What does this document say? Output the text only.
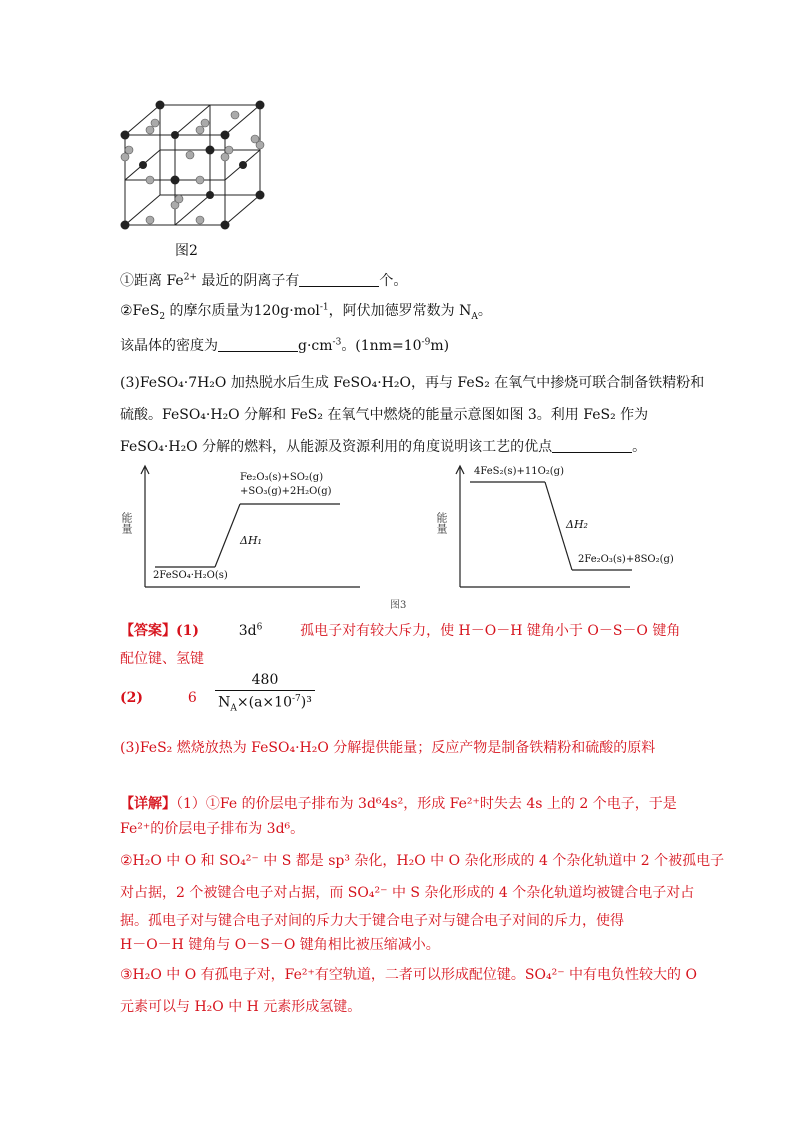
图2
①距离 $Fe^{2+}$ 最近的阴离子有	个。
②FeS$_2$ 的摩尔质量为120g·mol$^{-1}$，阿伏加德罗常数为 $N_A$。
该晶体的密度为	$g\cdot cm^{-3}$。$(1nm=10^{-9}m)$
(3)FeSO₄·7H₂O 加热脱水后生成 FeSO₄·H₂O，再与 FeS₂ 在氧气中掺烧可联合制备铁精粉和
硫酸。FeSO₄·H₂O 分解和 FeS₂ 在氧气中燃烧的能量示意图如图 3。利用 FeS₂ 作为
FeSO₄·H₂O 分解的燃料，从能源及资源利用的角度说明该工艺的优点	。
能量
2FeSO₄·H₂O(s)
Fe₂O₃(s)+SO₂(g)
+SO₃(g)+2H₂O(g)
ΔH₁
能量
4FeS₂(s)+11O₂(g)
ΔH₂
2Fe₂O₃(s)+8SO₂(g)
图3
【答案】(1)	$3d^6$	孤电子对有较大斥力，使 H－O－H 键角小于 O－S－O 键角
配位键、氢键
(2)	6
480
$N_A\times(a\times 10^{-7})^3$
(3)FeS₂ 燃烧放热为 FeSO₄·H₂O 分解提供能量；反应产物是制备铁精粉和硫酸的原料
【详解】（1）①Fe 的价层电子排布为 3d⁶4s²，形成 Fe²⁺时失去 4s 上的 2 个电子，于是
Fe²⁺的价层电子排布为 3d⁶。
②H₂O 中 O 和 SO₄²⁻ 中 S 都是 sp³ 杂化，H₂O 中 O 杂化形成的 4 个杂化轨道中 2 个被孤电子
对占据，2 个被键合电子对占据，而 SO₄²⁻ 中 S 杂化形成的 4 个杂化轨道均被键合电子对占
据。孤电子对与键合电子对间的斥力大于键合电子对与键合电子对间的斥力，使得
H－O－H 键角与 O－S－O 键角相比被压缩减小。
③H₂O 中 O 有孤电子对，Fe²⁺有空轨道，二者可以形成配位键。SO₄²⁻ 中有电负性较大的 O
元素可以与 H₂O 中 H 元素形成氢键。
